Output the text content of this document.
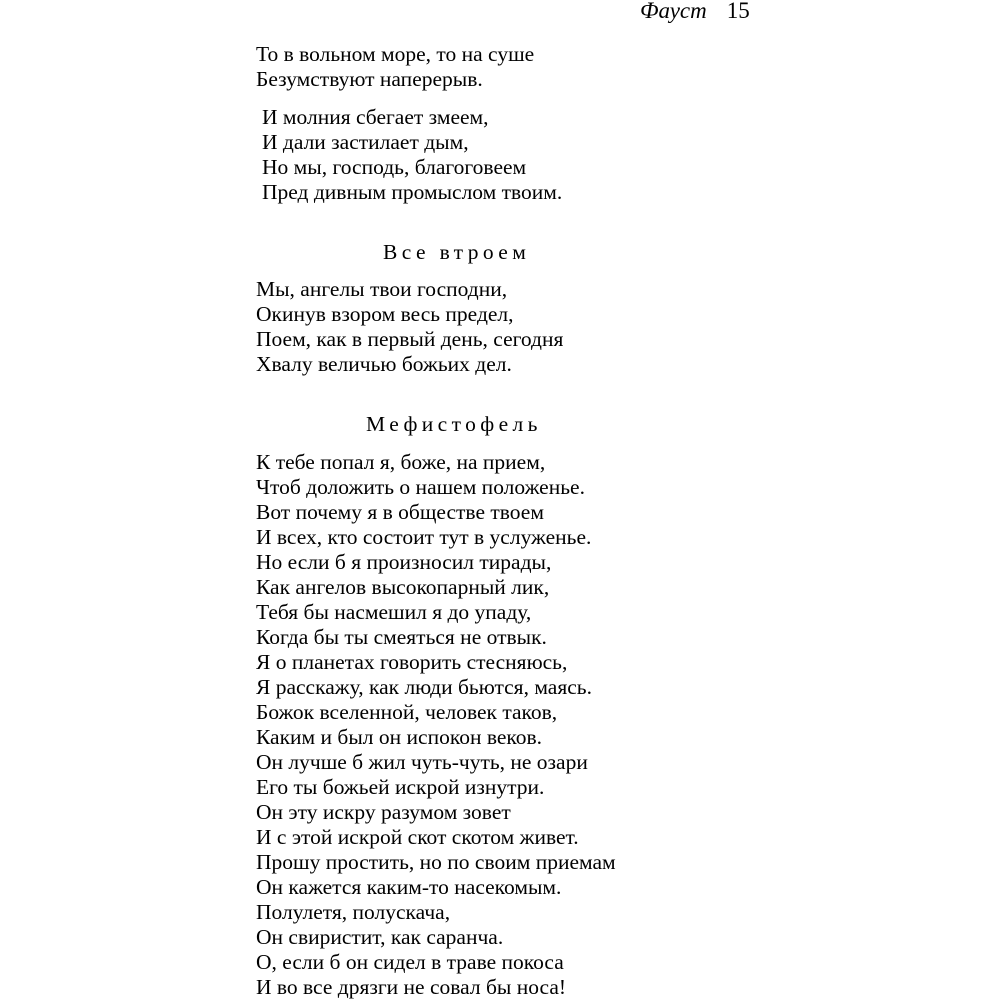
Фауст 15
То в вольном море, то на суше
Безумствуют наперерыв.
И молния сбегает змеем,
И дали застилает дым,
Но мы, господь, благоговеем
Пред дивным промыслом твоим.
Все втроем
Мы, ангелы твои господни,
Окинув взором весь предел,
Поем, как в первый день, сегодня
Хвалу величью божьих дел.
Мефистофель
К тебе попал я, боже, на прием,
Чтоб доложить о нашем положенье.
Вот почему я в обществе твоем
И всех, кто состоит тут в услуженье.
Но если б я произносил тирады,
Как ангелов высокопарный лик,
Тебя бы насмешил я до упаду,
Когда бы ты смеяться не отвык.
Я о планетах говорить стесняюсь,
Я расскажу, как люди бьются, маясь.
Божок вселенной, человек таков,
Каким и был он испокон веков.
Он лучше б жил чуть-чуть, не озари
Его ты божьей искрой изнутри.
Он эту искру разумом зовет
И с этой искрой скот скотом живет.
Прошу простить, но по своим приемам
Он кажется каким-то насекомым.
Полулетя, полускача,
Он свиристит, как саранча.
О, если б он сидел в траве покоса
И во все дрязги не совал бы носа!
